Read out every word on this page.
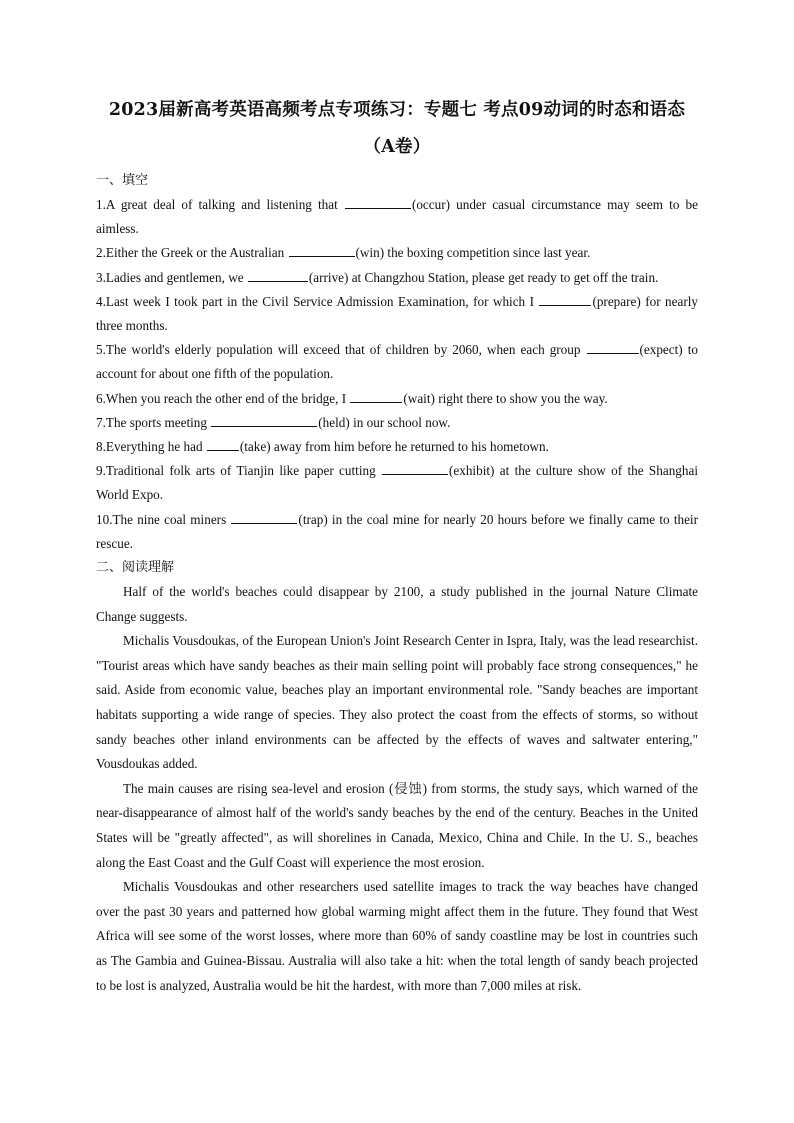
2023届新高考英语高频考点专项练习：专题七 考点09动词的时态和语态（A卷）
一、填空

1.A great deal of talking and listening that	(occur) under casual circumstance may seem to be aimless.

2.Either the Greek or the Australian	(win) the boxing competition since last year.

3.Ladies and gentlemen, we	(arrive) at Changzhou Station, please get ready to get off the train.

4.Last week I took part in the Civil Service Admission Examination, for which I	(prepare) for nearly three months.

5.The world's elderly population will exceed that of children by 2060, when each group	(expect) to account for about one fifth of the population.

6.When you reach the other end of the bridge, I	(wait) right there to show you the way.

7.The sports meeting	(held) in our school now.

8.Everything he had	(take) away from him before he returned to his hometown.

9.Traditional folk arts of Tianjin like paper cutting	(exhibit) at the culture show of the Shanghai World Expo.

10.The nine coal miners	(trap) in the coal mine for nearly 20 hours before we finally came to their rescue.

二、阅读理解

Half of the world's beaches could disappear by 2100, a study published in the journal Nature Climate Change suggests.

Michalis Vousdoukas, of the European Union's Joint Research Center in Ispra, Italy, was the lead researchist. "Tourist areas which have sandy beaches as their main selling point will probably face strong consequences," he said. Aside from economic value, beaches play an important environmental role. "Sandy beaches are important habitats supporting a wide range of species. They also protect the coast from the effects of storms, so without sandy beaches other inland environments can be affected by the effects of waves and saltwater entering," Vousdoukas added.

The main causes are rising sea-level and erosion (侵蚀) from storms, the study says, which warned of the near-disappearance of almost half of the world's sandy beaches by the end of the century. Beaches in the United States will be "greatly affected", as will shorelines in Canada, Mexico, China and Chile. In the U. S., beaches along the East Coast and the Gulf Coast will experience the most erosion.

Michalis Vousdoukas and other researchers used satellite images to track the way beaches have changed over the past 30 years and patterned how global warming might affect them in the future. They found that West Africa will see some of the worst losses, where more than 60% of sandy coastline may be lost in countries such as The Gambia and Guinea-Bissau. Australia will also take a hit: when the total length of sandy beach projected to be lost is analyzed, Australia would be hit the hardest, with more than 7,000 miles at risk.
